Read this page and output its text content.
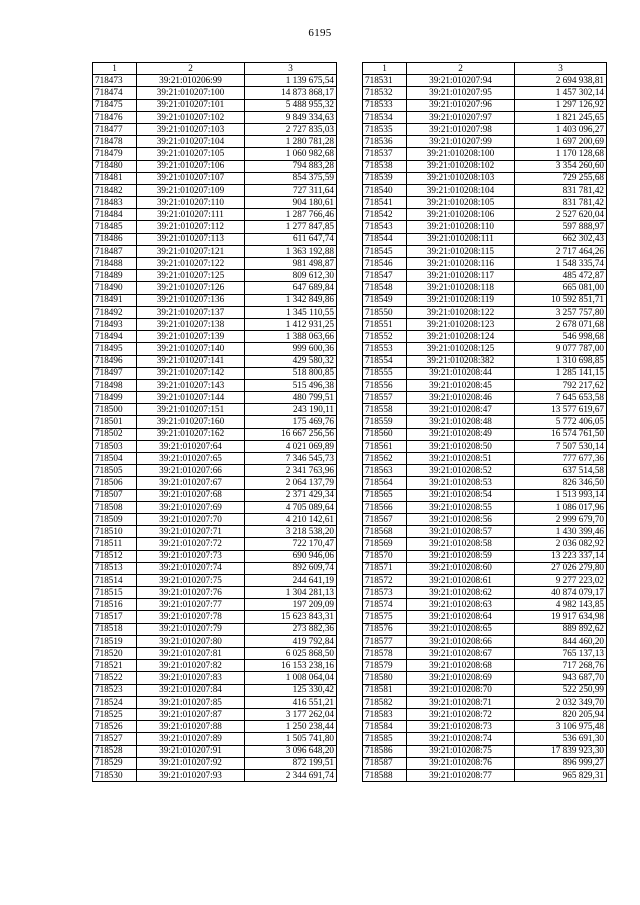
6195
1	2	3
718473	39:21:010206:99	1 139 675,54
718474	39:21:010207:100	14 873 868,17
718475	39:21:010207:101	5 488 955,32
718476	39:21:010207:102	9 849 334,63
718477	39:21:010207:103	2 727 835,03
718478	39:21:010207:104	1 280 781,28
718479	39:21:010207:105	1 060 982,68
718480	39:21:010207:106	794 883,28
718481	39:21:010207:107	854 375,59
718482	39:21:010207:109	727 311,64
718483	39:21:010207:110	904 180,61
718484	39:21:010207:111	1 287 766,46
718485	39:21:010207:112	1 277 847,85
718486	39:21:010207:113	611 647,74
718487	39:21:010207:121	1 363 192,88
718488	39:21:010207:122	981 498,87
718489	39:21:010207:125	809 612,30
718490	39:21:010207:126	647 689,84
718491	39:21:010207:136	1 342 849,86
718492	39:21:010207:137	1 345 110,55
718493	39:21:010207:138	1 412 931,25
718494	39:21:010207:139	1 388 063,66
718495	39:21:010207:140	999 600,36
718496	39:21:010207:141	429 580,32
718497	39:21:010207:142	518 800,85
718498	39:21:010207:143	515 496,38
718499	39:21:010207:144	480 799,51
718500	39:21:010207:151	243 190,11
718501	39:21:010207:160	175 469,76
718502	39:21:010207:162	16 667 256,56
718503	39:21:010207:64	4 021 069,89
718504	39:21:010207:65	7 346 545,73
718505	39:21:010207:66	2 341 763,96
718506	39:21:010207:67	2 064 137,79
718507	39:21:010207:68	2 371 429,34
718508	39:21:010207:69	4 705 089,64
718509	39:21:010207:70	4 210 142,61
718510	39:21:010207:71	3 218 538,20
718511	39:21:010207:72	722 170,47
718512	39:21:010207:73	690 946,06
718513	39:21:010207:74	892 609,74
718514	39:21:010207:75	244 641,19
718515	39:21:010207:76	1 304 281,13
718516	39:21:010207:77	197 209,09
718517	39:21:010207:78	15 623 843,31
718518	39:21:010207:79	273 882,36
718519	39:21:010207:80	419 792,84
718520	39:21:010207:81	6 025 868,50
718521	39:21:010207:82	16 153 238,16
718522	39:21:010207:83	1 008 064,04
718523	39:21:010207:84	125 330,42
718524	39:21:010207:85	416 551,21
718525	39:21:010207:87	3 177 262,04
718526	39:21:010207:88	1 250 238,44
718527	39:21:010207:89	1 505 741,80
718528	39:21:010207:91	3 096 648,20
718529	39:21:010207:92	872 199,51
718530	39:21:010207:93	2 344 691,74
1	2	3
718531	39:21:010207:94	2 694 938,81
718532	39:21:010207:95	1 457 302,14
718533	39:21:010207:96	1 297 126,92
718534	39:21:010207:97	1 821 245,65
718535	39:21:010207:98	1 403 096,27
718536	39:21:010207:99	1 697 200,69
718537	39:21:010208:100	1 170 128,68
718538	39:21:010208:102	3 354 260,60
718539	39:21:010208:103	729 255,68
718540	39:21:010208:104	831 781,42
718541	39:21:010208:105	831 781,42
718542	39:21:010208:106	2 527 620,04
718543	39:21:010208:110	597 888,97
718544	39:21:010208:111	662 302,43
718545	39:21:010208:115	2 717 464,26
718546	39:21:010208:116	1 548 335,74
718547	39:21:010208:117	485 472,87
718548	39:21:010208:118	665 081,00
718549	39:21:010208:119	10 592 851,71
718550	39:21:010208:122	3 257 757,80
718551	39:21:010208:123	2 678 071,68
718552	39:21:010208:124	546 998,68
718553	39:21:010208:125	9 077 787,00
718554	39:21:010208:382	1 310 698,85
718555	39:21:010208:44	1 285 141,15
718556	39:21:010208:45	792 217,62
718557	39:21:010208:46	7 645 653,58
718558	39:21:010208:47	13 577 619,67
718559	39:21:010208:48	5 772 406,05
718560	39:21:010208:49	16 574 761,50
718561	39:21:010208:50	7 507 530,14
718562	39:21:010208:51	777 677,36
718563	39:21:010208:52	637 514,58
718564	39:21:010208:53	826 346,50
718565	39:21:010208:54	1 513 993,14
718566	39:21:010208:55	1 086 017,96
718567	39:21:010208:56	2 999 679,70
718568	39:21:010208:57	1 430 399,46
718569	39:21:010208:58	2 036 082,92
718570	39:21:010208:59	13 223 337,14
718571	39:21:010208:60	27 026 279,80
718572	39:21:010208:61	9 277 223,02
718573	39:21:010208:62	40 874 079,17
718574	39:21:010208:63	4 982 143,85
718575	39:21:010208:64	19 917 634,98
718576	39:21:010208:65	889 892,62
718577	39:21:010208:66	844 460,20
718578	39:21:010208:67	765 137,13
718579	39:21:010208:68	717 268,76
718580	39:21:010208:69	943 687,70
718581	39:21:010208:70	522 250,99
718582	39:21:010208:71	2 032 349,70
718583	39:21:010208:72	820 205,94
718584	39:21:010208:73	3 106 975,48
718585	39:21:010208:74	536 691,30
718586	39:21:010208:75	17 839 923,30
718587	39:21:010208:76	896 999,27
718588	39:21:010208:77	965 829,31
